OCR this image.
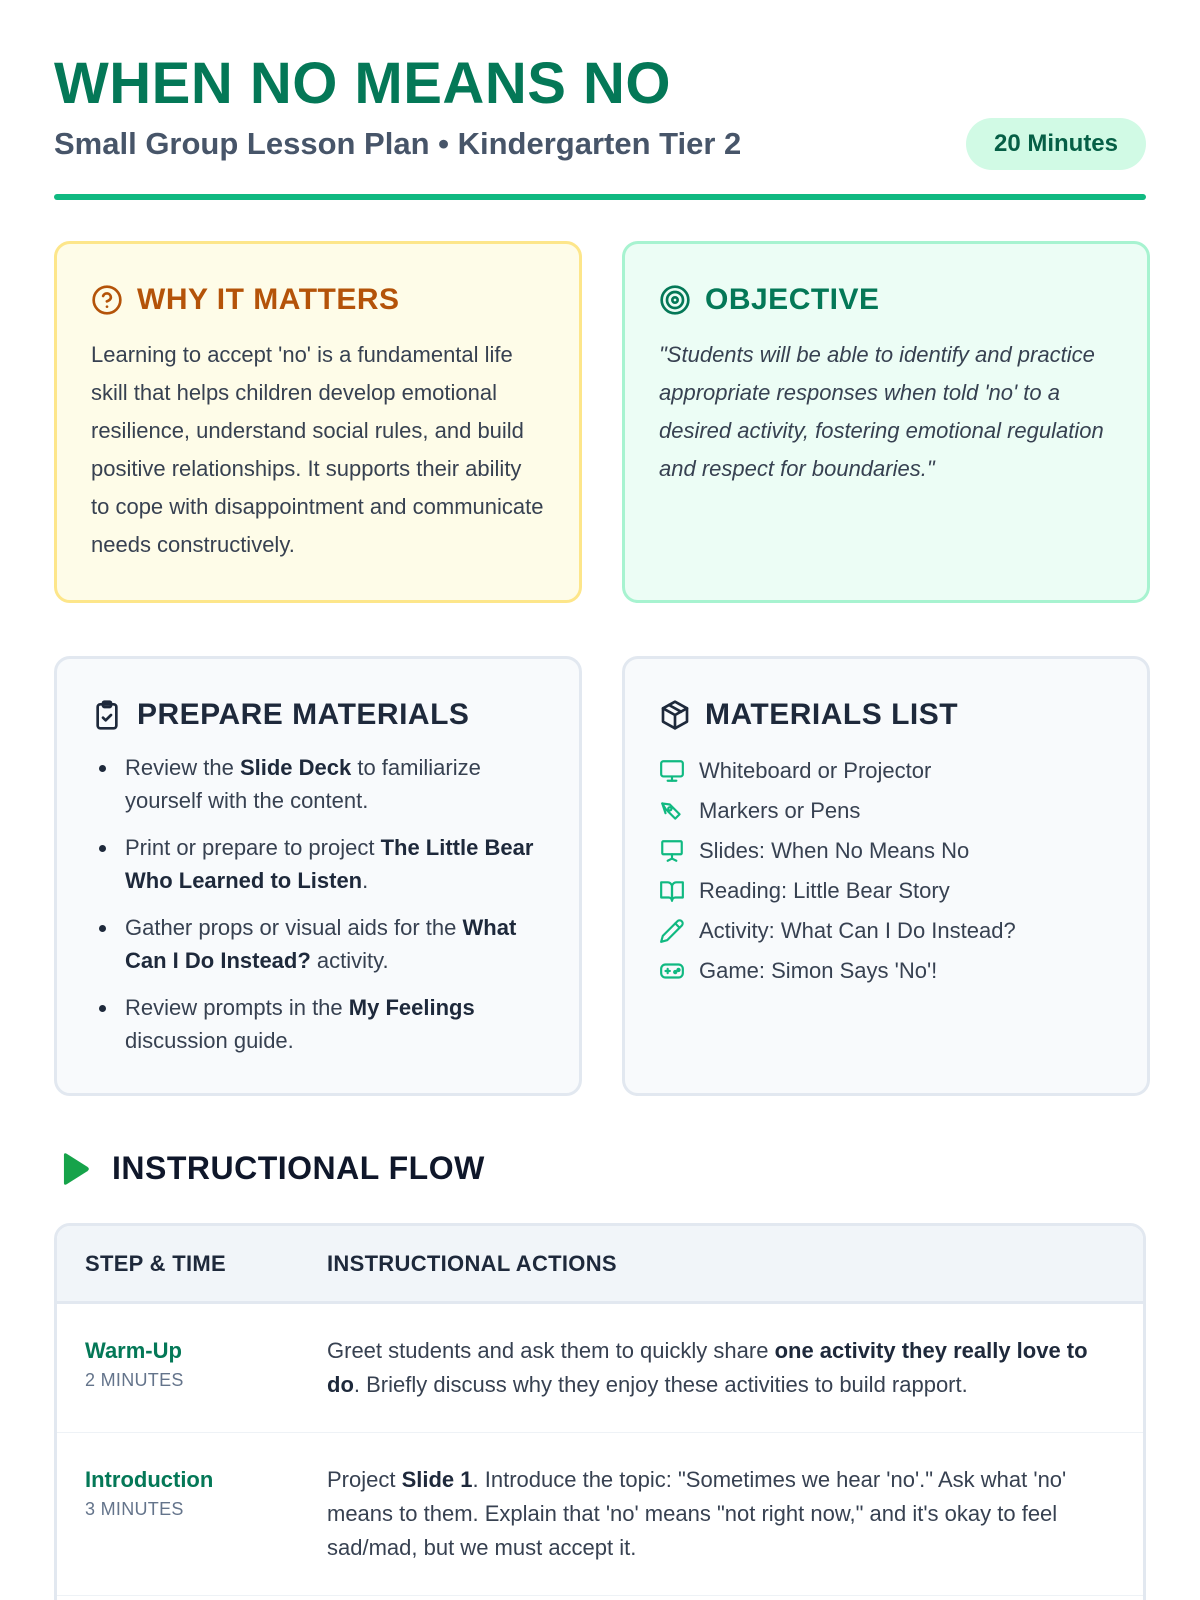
WHEN NO MEANS NO
Small Group Lesson Plan • Kindergarten Tier 2	20 Minutes
WHY IT MATTERS

Learning to accept 'no' is a fundamental life skill that helps children develop emotional resilience, understand social rules, and build positive relationships. It supports their ability to cope with disappointment and communicate needs constructively.

OBJECTIVE

"Students will be able to identify and practice appropriate responses when told 'no' to a desired activity, fostering emotional regulation and respect for boundaries."

PREPARE MATERIALS
Review the Slide Deck to familiarize yourself with the content.
Print or prepare to project The Little Bear Who Learned to Listen.
Gather props or visual aids for the What Can I Do Instead? activity.
Review prompts in the My Feelings discussion guide.
MATERIALS LIST
Whiteboard or Projector
Markers or Pens
Slides: When No Means No
Reading: Little Bear Story
Activity: What Can I Do Instead?
Game: Simon Says 'No'!
INSTRUCTIONAL FLOW
STEP & TIME	INSTRUCTIONAL ACTIONS
Warm-Up
2 MINUTES
Greet students and ask them to quickly share one activity they really love to do. Briefly discuss why they enjoy these activities to build rapport.
Introduction
3 MINUTES
Project Slide 1. Introduce the topic: "Sometimes we hear 'no'." Ask what 'no' means to them. Explain that 'no' means "not right now," and it's okay to feel sad/mad, but we must accept it.
